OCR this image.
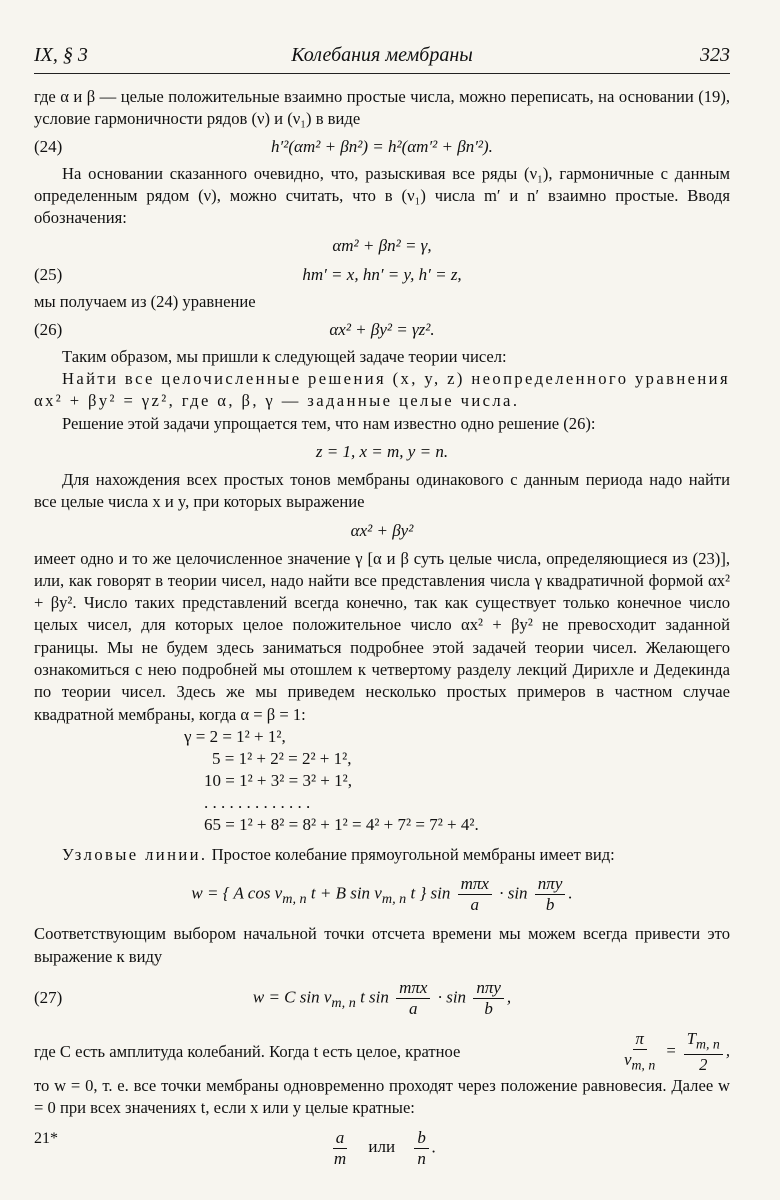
IX, § 3	Колебания мембраны	323

где α и β — целые положительные взаимно простые числа, можно переписать, на основании (19), условие гармоничности рядов (ν) и (ν₁) в виде

(24)	h′²(αm² + βn²) = h²(αm′² + βn′²).

На основании сказанного очевидно, что, разыскивая все ряды (ν₁), гармоничные с данным определенным рядом (ν), можно считать, что в (ν₁) числа m′ и n′ взаимно простые. Вводя обозначения:

αm² + βn² = γ,
(25)	hm′ = x, hn′ = y, h′ = z,

мы получаем из (24) уравнение

(26)	αx² + βy² = γz².

Таким образом, мы пришли к следующей задаче теории чисел:

Найти все целочисленные решения (x, y, z) неопределенного уравнения αx² + βy² = γz², где α, β, γ — заданные целые числа.

Решение этой задачи упрощается тем, что нам известно одно решение (26):

z = 1, x = m, y = n.

Для нахождения всех простых тонов мембраны одинакового с данным периода надо найти все целые числа x и y, при которых выражение

αx² + βy²

имеет одно и то же целочисленное значение γ [α и β суть целые числа, определяющиеся из (23)], или, как говорят в теории чисел, надо найти все представления числа γ квадратичной формой αx² + βy². Число таких представлений всегда конечно, так как существует только конечное число целых чисел, для которых целое положительное число αx² + βy² не превосходит заданной границы. Мы не будем здесь заниматься подробнее этой задачей теории чисел. Желающего ознакомиться с нею подробней мы отошлем к четвертому разделу лекций Дирихле и Дедекинда по теории чисел. Здесь же мы приведем несколько простых примеров в частном случае квадратной мембраны, когда α = β = 1:

γ = 2 = 1² + 1²,
5 = 1² + 2² = 2² + 1²,
10 = 1² + 3² = 3² + 1²,
. . . . . . . . . . . . .
65 = 1² + 8² = 8² + 1² = 4² + 7² = 7² + 4².

Узловые линии. Простое колебание прямоугольной мембраны имеет вид:

w = { A $\cos \nu_{m, n}$ t + B $\sin \nu_{m, n}$ t } $\sin \frac{\text{mπx}}{a} \cdot \sin \frac{\text{nπy}}{b}$ .

Соответствующим выбором начальной точки отсчета времени мы можем всегда привести это выражение к виду

(27)	w = C $\sin \nu_{m, n}$ t $\sin \frac{\text{mπx}}{a} \cdot \sin \frac{\text{nπy}}{b}$ ,

где C есть амплитуда колебаний. Когда t есть целое, кратное	$\frac{\pi}{\nu_{m, n}} = \frac{T_{m, n}}{2}$ ,

то w = 0, т. е. все точки мембраны одновременно проходят через положение равновесия. Далее w = 0 при всех значениях t, если x или y целые кратные:

$\frac{a}{m}$ или $\frac{b}{n}$ .
21*
